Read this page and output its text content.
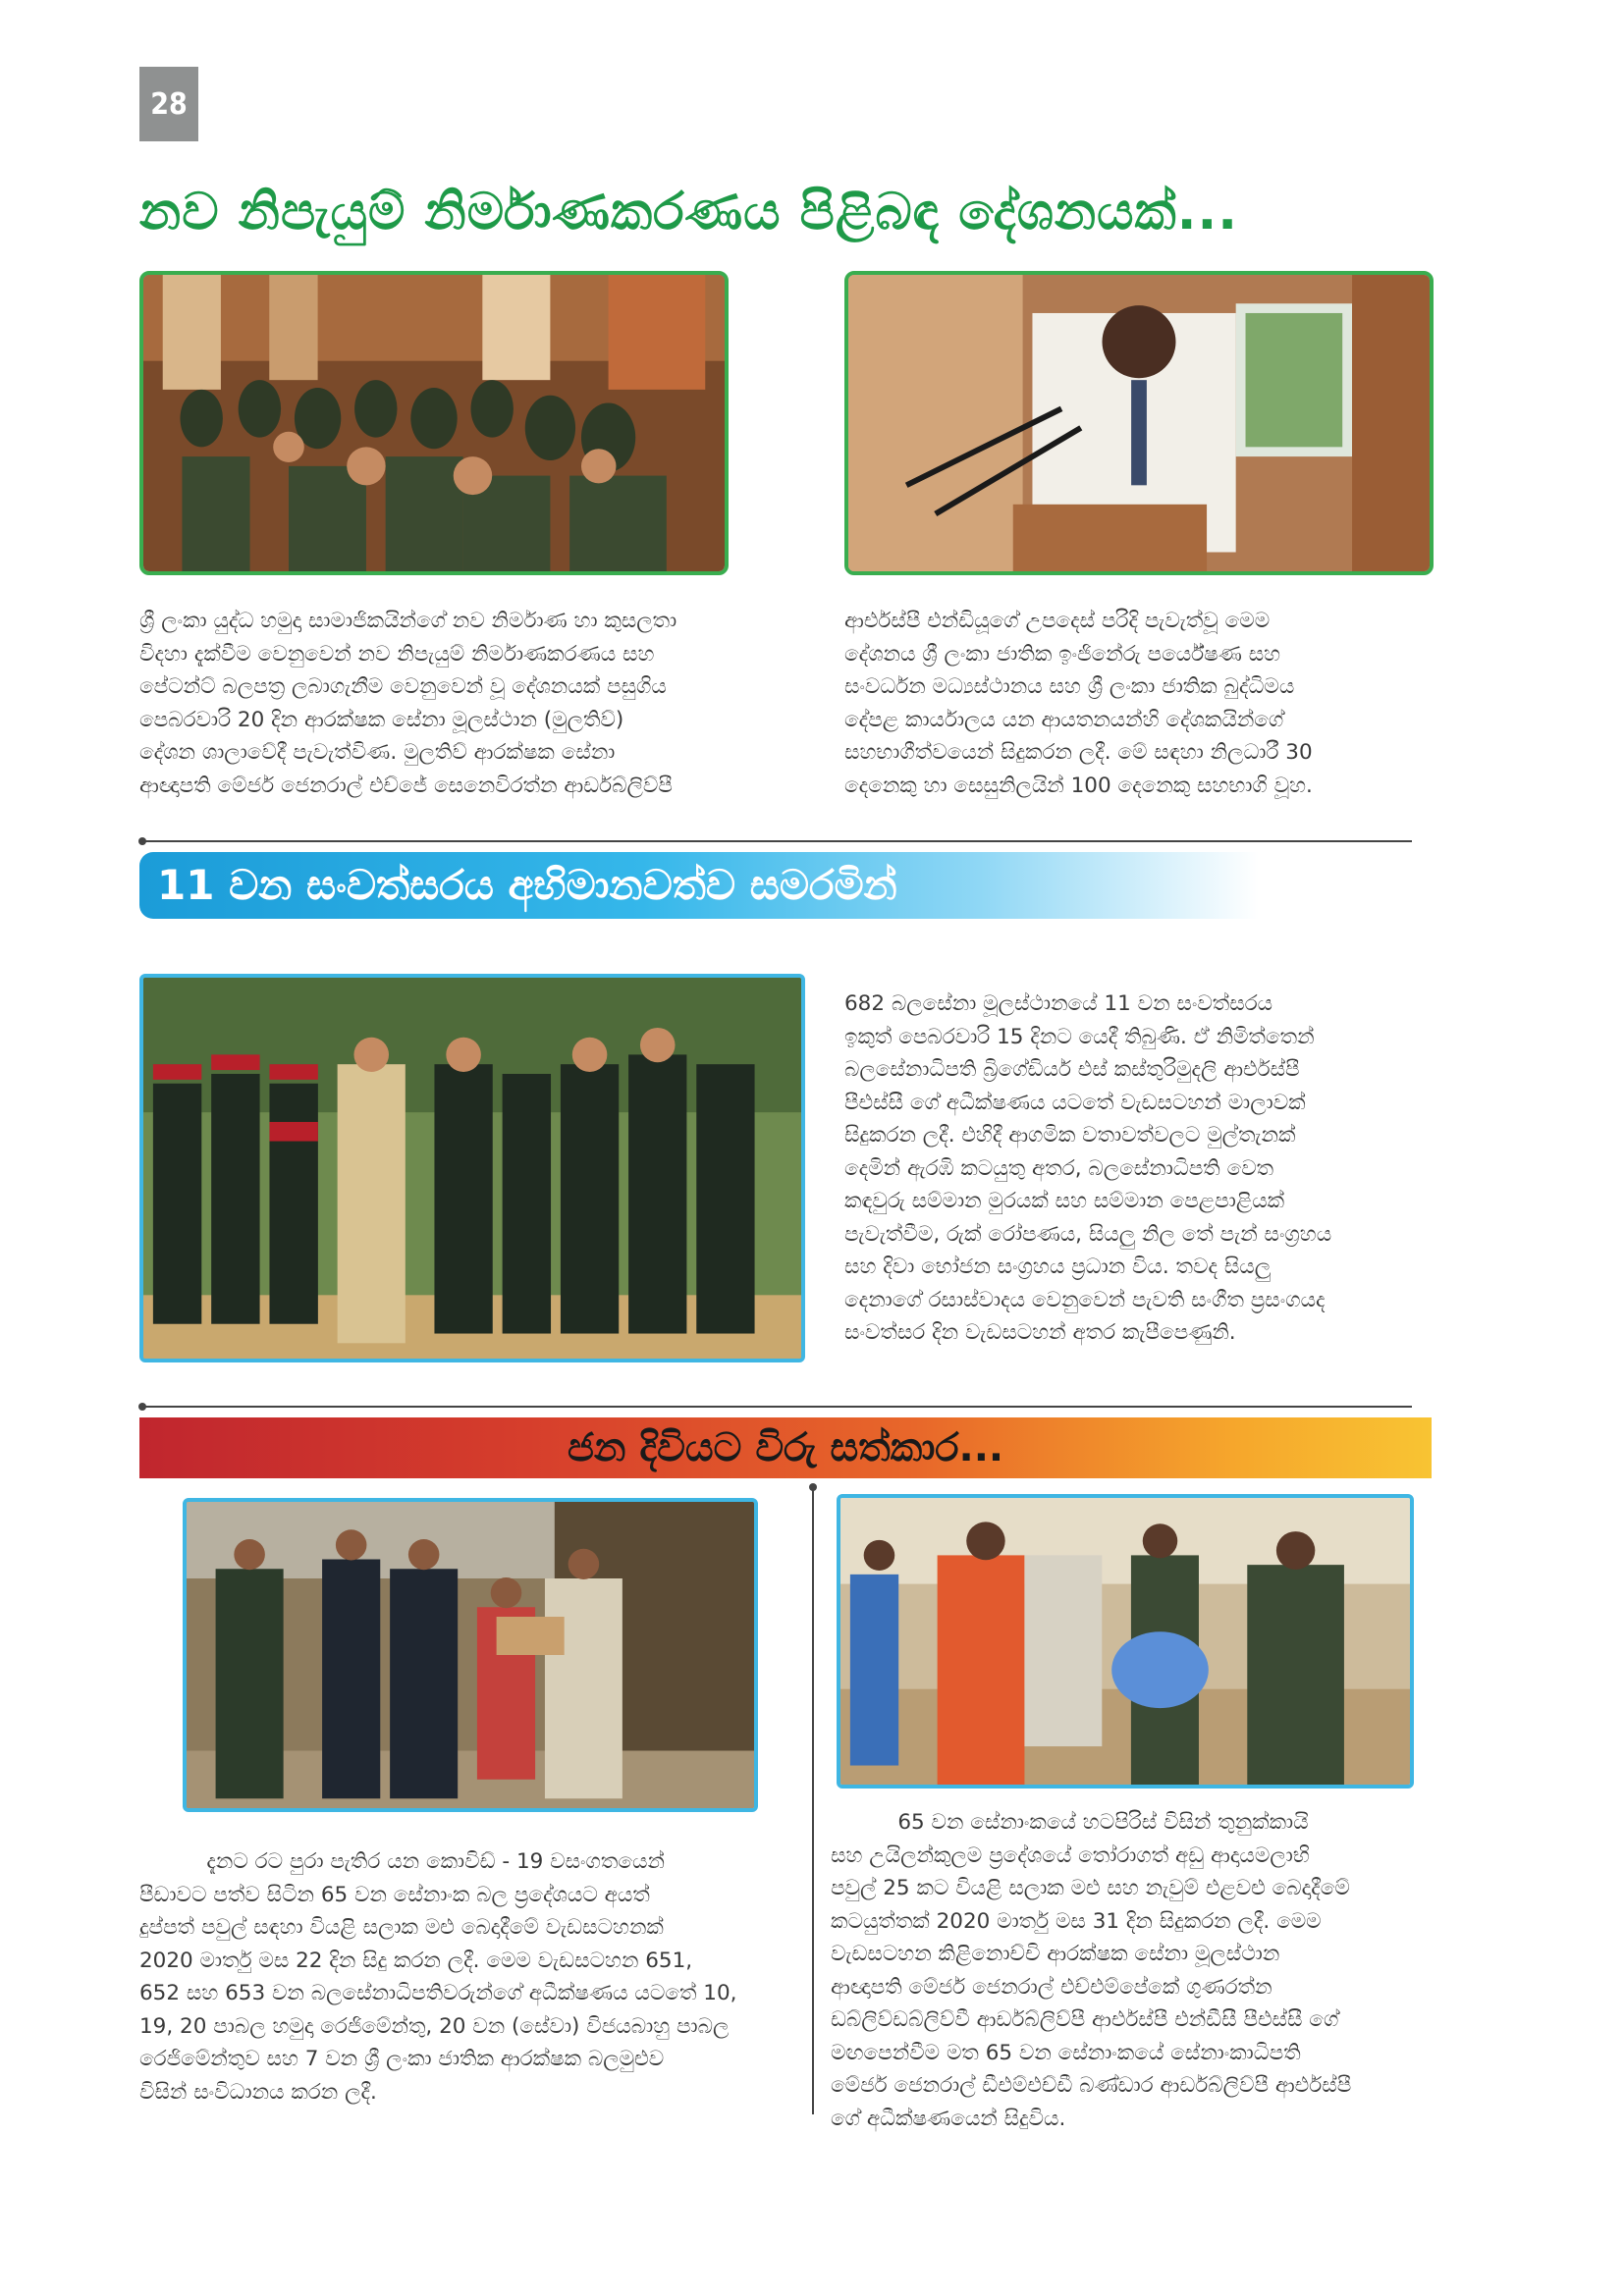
28
නව නිපැයුම් නිර්මාණකරණය පිළිබඳ දේශනයක්...

ශ්‍රී ලංකා යුද්ධ හමුදා සාමාජිකයින්ගේ නව නිර්මාණ හා කුසලතා

විදහා දැක්වීම වෙනුවෙන් නව නිපැයුම් නිර්මාණකරණය සහ

පේටන්ට් බලපත්‍ර ලබාගැනීම වෙනුවෙන් වූ දේශනයක් පසුගිය

පෙබරවාරි 20 දින ආරක්ෂක සේනා මූලස්ථාන (මුලතිව්)

දේශන ශාලාවේදී පැවැත්විණ. මුලතිව් ආරක්ෂක සේනා

ආඥාපති මේජර් ජෙනරාල් එච්ජේ සෙනෙවිරත්න ආර්ඩබ්ලිව්පී

ආර්එස්පී එන්ඩියූගේ උපදෙස් පරිදි පැවැත්වූ මෙම

දේශනය ශ්‍රී ලංකා ජාතික ඉංජිනේරු පර්යේෂණ සහ

සංවර්ධන මධ්‍යස්ථානය සහ ශ්‍රී ලංකා ජාතික බුද්ධිමය

දේපළ කාර්යාලය යන ආයතනයන්හි දේශකයින්ගේ

සහභාගීත්වයෙන් සිදුකරන ලදී. මේ සඳහා නිලධාරී 30

දෙනෙකු හා සෙසුනිලයින් 100 දෙනෙකු සහභාගි වූහ.

11 වන සංවත්සරය අභිමානවත්ව සමරමින්

682 බලසේනා මූලස්ථානයේ 11 වන සංවත්සරය

ඉකුත් පෙබරවාරි 15 දිනට යෙදී තිබුණි. ඒ නිමිත්තෙන්

බලසේනාධිපති බ්‍රිගේඩියර් එස් කස්තුරිමුදලි ආර්එස්පී

පීඑස්සී ගේ අධීක්ෂණය යටතේ වැඩසටහන් මාලාවක්

සිදුකරන ලදී. එහිදී ආගමික වතාවත්වලට මුල්තැනක්

දෙමින් ඇරඹි කටයුතු අතර, බලසේනාධිපති වෙත

කඳවුරු සම්මාන මුරයක් සහ සම්මාන පෙළපාළියක්

පැවැත්වීම, රුක් රෝපණය, සියලු නිල තේ පැන් සංග්‍රහය

සහ දිවා භෝජන සංග්‍රහය ප්‍රධාන විය. තවද සියලු

දෙනාගේ රසාස්වාදය වෙනුවෙන් පැවති සංගීත ප්‍රසංගයද

සංවත්සර දින වැඩසටහන් අතර කැපීපෙණුනි.

ජන දිවියට විරු සත්කාර...

දැනට රට පුරා පැතිර යන කොවිඩ් - 19 වසංගතයෙන්

පීඩාවට පත්ව සිටින 65 වන සේනාංක බල ප්‍රදේශයට අයත්

දුප්පත් පවුල් සඳහා වියළි සලාක මළු බෙදාදීමේ වැඩසටහනක්

2020 මාර්තු මස 22 දින සිදු කරන ලදී. මෙම වැඩසටහන 651,

652 සහ 653 වන බලසේනාධිපතිවරුන්ගේ අධීක්ෂණය යටතේ 10,

19, 20 පාබල හමුදා රෙජිමේන්තු, 20 වන (සේවා) විජයබාහු පාබල

රෙජිමේන්තුව සහ 7 වන ශ්‍රී ලංකා ජාතික ආරක්ෂක බලමුළුව

විසින් සංවිධානය කරන ලදී.

65 වන සේනාංකයේ හටපිරිස් විසින් තුනුක්කායි

සහ උයිලන්කුලම ප්‍රදේශයේ තෝරාගත් අඩු ආදායමලාභි

පවුල් 25 කට වියළි සලාක මළු සහ නැවුම් එළවළු බෙදාදීමේ

කටයුත්තක් 2020 මාර්තු මස 31 දින සිදුකරන ලදී. මෙම

වැඩසටහන කිළිනොච්චි ආරක්ෂක සේනා මූලස්ථාන

ආඥාපති මේජර් ජෙනරාල් එච්එම්පේකේ ගුණරත්න

ඩබ්ලිව්ඩබ්ලිව්වී ආර්ඩබ්ලිව්පී ආර්එස්පී එන්ඩීසී පීඑස්සී ගේ

මඟපෙන්වීම මත 65 වන සේනාංකයේ සේනාංකාධිපති

මේජර් ජෙනරාල් ඩීඑම්එච්ඩී බණ්ඩාර ආර්ඩබ්ලිව්පී ආර්එස්පී

ගේ අධීක්ෂණයෙන් සිදුවිය.
